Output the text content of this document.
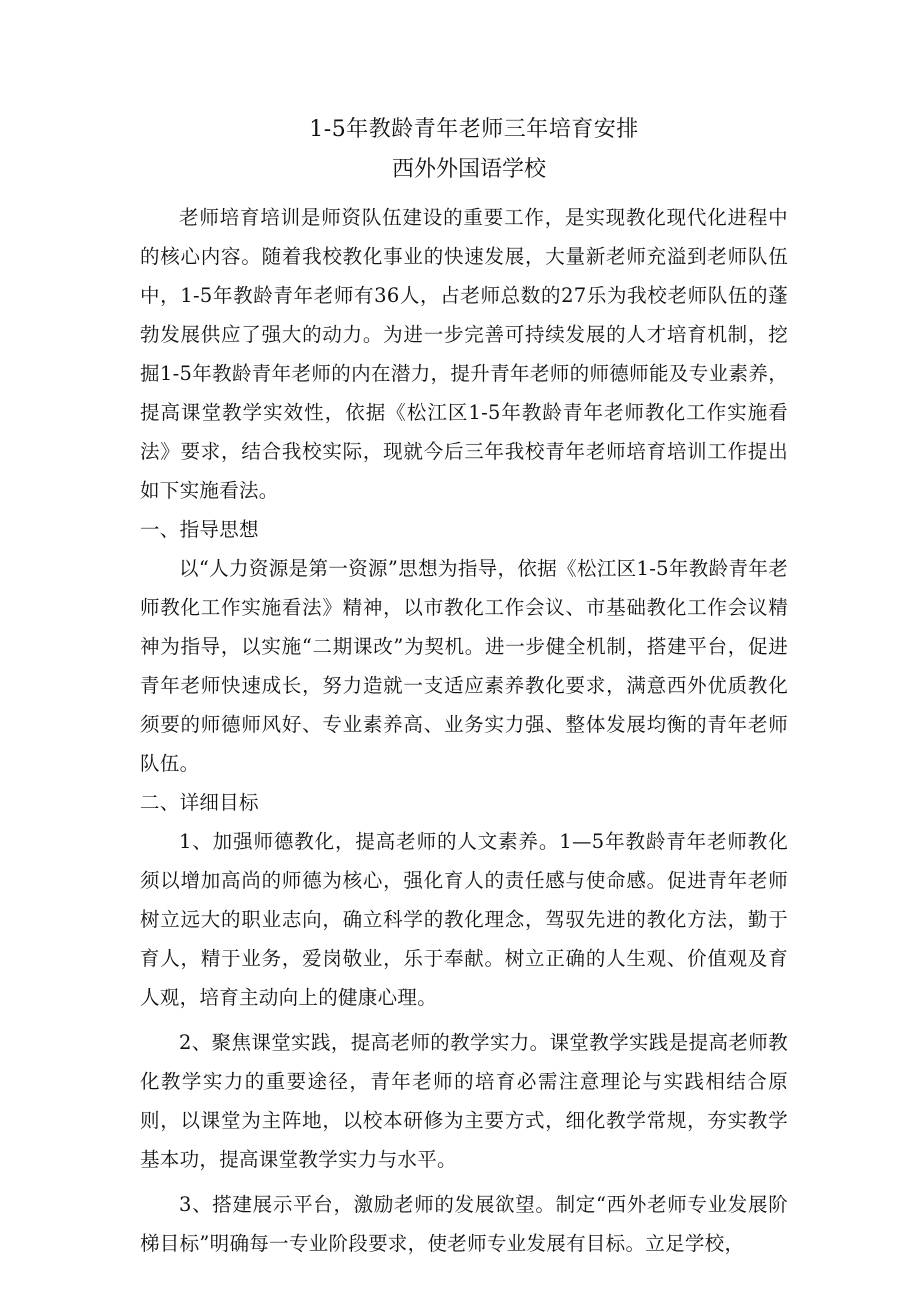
1-5年教龄青年老师三年培育安排
西外外国语学校

老师培育培训是师资队伍建设的重要工作，是实现教化现代化进程中的核心内容。随着我校教化事业的快速发展，大量新老师充溢到老师队伍中，1-5年教龄青年老师有36人，占老师总数的27乐为我校老师队伍的蓬勃发展供应了强大的动力。为进一步完善可持续发展的人才培育机制，挖掘1-5年教龄青年老师的内在潜力，提升青年老师的师德师能及专业素养，提高课堂教学实效性，依据《松江区1-5年教龄青年老师教化工作实施看法》要求，结合我校实际，现就今后三年我校青年老师培育培训工作提出如下实施看法。

一、指导思想

以“人力资源是第一资源”思想为指导，依据《松江区1-5年教龄青年老师教化工作实施看法》精神，以市教化工作会议、市基础教化工作会议精神为指导，以实施“二期课改”为契机。进一步健全机制，搭建平台，促进青年老师快速成长，努力造就一支适应素养教化要求，满意西外优质教化须要的师德师风好、专业素养高、业务实力强、整体发展均衡的青年老师队伍。

二、详细目标

1、加强师德教化，提高老师的人文素养。1—5年教龄青年老师教化须以增加高尚的师德为核心，强化育人的责任感与使命感。促进青年老师树立远大的职业志向，确立科学的教化理念，驾驭先进的教化方法，勤于育人，精于业务，爱岗敬业，乐于奉献。树立正确的人生观、价值观及育人观，培育主动向上的健康心理。

2、聚焦课堂实践，提高老师的教学实力。课堂教学实践是提高老师教化教学实力的重要途径，青年老师的培育必需注意理论与实践相结合原则，以课堂为主阵地，以校本研修为主要方式，细化教学常规，夯实教学基本功，提高课堂教学实力与水平。

3、搭建展示平台，激励老师的发展欲望。制定“西外老师专业发展阶梯目标”明确每一专业阶段要求，使老师专业发展有目标。立足学校，
